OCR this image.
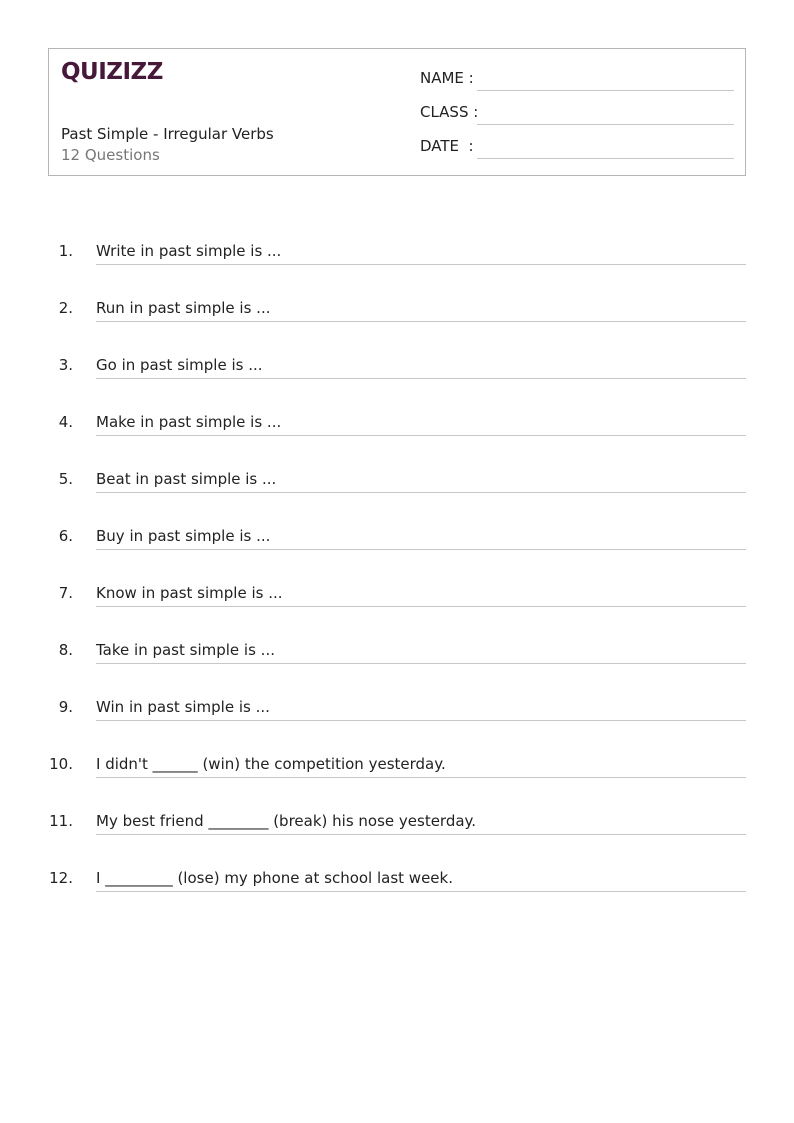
QUIZIZZ
Past Simple - Irregular Verbs
12 Questions
NAME :
CLASS :
DATE  :
1. Write in past simple is ...
2. Run in past simple is ...
3. Go in past simple is ...
4. Make in past simple is ...
5. Beat in past simple is ...
6. Buy in past simple is ...
7. Know in past simple is ...
8. Take in past simple is ...
9. Win in past simple is ...
10. I didn't ______ (win) the competition yesterday.
11. My best friend ________ (break) his nose yesterday.
12. I _________ (lose) my phone at school last week.
